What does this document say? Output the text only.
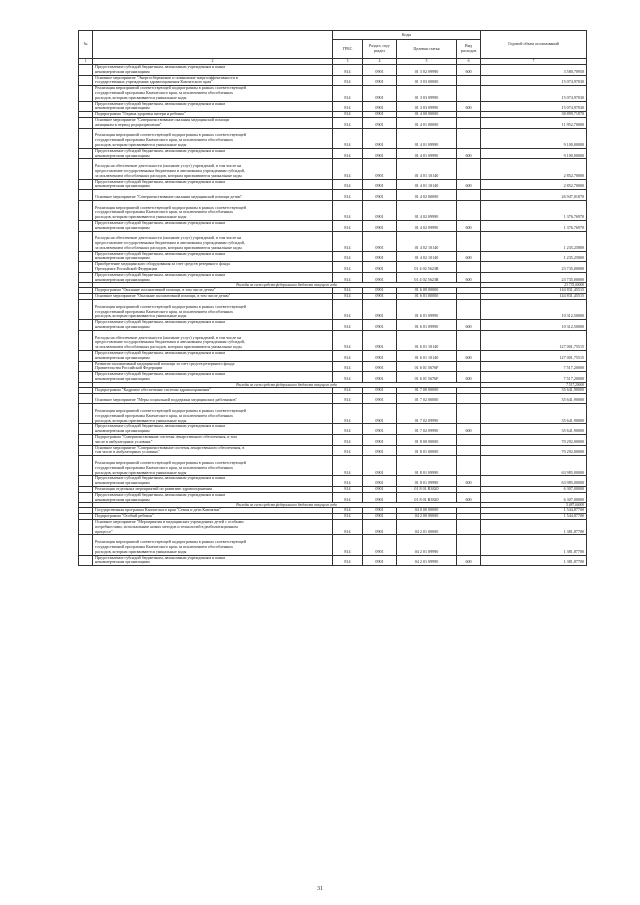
№		Коды				Годовой объем ассигнований
		ГРБС	Раздел, под-раздел	Целевая статья	Вид расходов	
1	2	3	4	5	6	7

	Предоставление субсидий бюджетным, автономным учреждениям и иным
некоммерческим организациям	814	0901	01 3 02 09990	600	3 580,70950

	Основное мероприятие "Энергосбережение и повышение энергоэффективности в
государственных учреждениях здравоохранения Камчатского края"	814	0901	01 3 03 00000		15 074,97030

	Реализация мероприятий соответствующей подпрограммы в рамках соответствующей
государственной программы Камчатского края, за исключением обособленных
расходов, которым присваиваются уникальные коды	814	0901	01 3 03 09990		15 074,97030

	Предоставление субсидий бюджетным, автономным учреждениям и иным
некоммерческим организациям	814	0901	01 3 03 09990	600	15 074,97030

	Подпрограмма "Охрана здоровья матери и ребенка"	814	0901	01 4 00 00000		38 899,71870

	Основное мероприятие "Совершенствование оказания медицинской помощи
женщинам в период родоразрешения"	814	0901	01 4 01 00000		11 952,70000

	Реализация мероприятий соответствующей подпрограммы в рамках соответствующей
государственной программы Камчатского края, за исключением обособленных
расходов, которым присваиваются уникальные коды	814	0901	01 4 01 09990		9 100,00000

	Предоставление субсидий бюджетным, автономным учреждениям и иным
некоммерческим организациям	814	0901	01 4 01 09990	600	9 100,00000

	Расходы на обеспечение деятельности (оказание услуг) учреждений, в том числе на
предоставление государственным бюджетным и автономным учреждениям субсидий,
за исключением обособленных расходов, которым присваиваются уникальные коды	814	0901	01 4 01 10140		2 852,70000

	Предоставление субсидий бюджетным, автономным учреждениям и иным
некоммерческим организациям	814	0901	01 4 01 10140	600	2 852,70000

	Основное мероприятие "Совершенствование оказания медицинской помощи детям"	814	0901	01 4 02 00000		26 947,01870

	Реализация мероприятий соответствующей подпрограммы в рамках соответствующей
государственной программы Камчатского края, за исключением обособленных
расходов, которым присваиваются уникальные коды	814	0901	01 4 02 09990		1 376,76970

	Предоставление субсидий бюджетным, автономным учреждениям и иным
некоммерческим организациям	814	0901	01 4 02 09990	600	1 376,76970

	Расходы на обеспечение деятельности (оказание услуг) учреждений, в том числе на
предоставление государственным бюджетным и автономным учреждениям субсидий,
за исключением обособленных расходов, которым присваиваются уникальные коды	814	0901	01 4 02 10140		1 235,25800

	Предоставление субсидий бюджетным, автономным учреждениям и иным
некоммерческим организациям	814	0901	01 4 02 10140	600	1 235,25800

	Приобретение медицинского оборудования за счет средств резервного фонда
Президента Российской Федерации	814	0901	01 4 02 5623R		23 735,00000

	Предоставление субсидий бюджетным, автономным учреждениям и иным
некоммерческим организациям	814	0901	01 4 02 5623R	600	23 735,00000
	Расходы за счет средств федерального бюджета текущего года					23 735,00000

	Подпрограмма "Оказание паллиативной помощи, в том числе детям"	814	0901	01 6 00 00000		144 831,45515

	Основное мероприятие "Оказание паллиативной помощи, в том числе детям"	814	0901	01 6 01 00000		144 831,45515

	Реализация мероприятий соответствующей подпрограммы в рамках соответствующей
государственной программы Камчатского края, за исключением обособленных
расходов, которым присваиваются уникальные коды	814	0901	01 6 01 09990		10 312,50000

	Предоставление субсидий бюджетным, автономным учреждениям и иным
некоммерческим организациям	814	0901	01 6 01 09990	600	10 312,50000

	Расходы на обеспечение деятельности (оказание услуг) учреждений, в том числе на
предоставление государственным бюджетным и автономным учреждениям субсидий,
за исключением обособленных расходов, которым присваиваются уникальные коды	814	0901	01 6 01 10140		127 001,75515

	Предоставление субсидий бюджетным, автономным учреждениям и иным
некоммерческим организациям	814	0901	01 6 01 10140	600	127 001,75515

	Развитие паллиативной медицинской помощи за счет средств резервного фонда
Правительства Российской Федерации	814	0901	01 6 01 5676F		7 517,20000

	Предоставление субсидий бюджетным, автономным учреждениям и иным
некоммерческим организациям	814	0901	01 6 01 5676F	600	7 517,20000
	Расходы за счет средств федерального бюджета текущего года					7 517,20000

	Подпрограмма "Кадровое обеспечение системы здравоохранения"	814	0901	01 7 00 00000		35 641,90000

	Основное мероприятие "Меры социальной поддержки медицинских работников"	814	0901	01 7 02 00000		35 641,90000

	Реализация мероприятий соответствующей подпрограммы в рамках соответствующей
государственной программы Камчатского края, за исключением обособленных
расходов, которым присваиваются уникальные коды	814	0901	01 7 02 09990		35 641,90000

	Предоставление субсидий бюджетным, автономным учреждениям и иным
некоммерческим организациям	814	0901	01 7 02 09990	600	35 641,90000

	Подпрограмма "Совершенствование системы лекарственного обеспечения, в том
числе в амбулаторных условиях"	814	0901	01 8 00 00000		70 292,00000

	Основное мероприятие "Совершенствование системы лекарственного обеспечения, в
том числе в амбулаторных условиях"	814	0901	01 8 01 00000		70 292,00000

	Реализация мероприятий соответствующей подпрограммы в рамках соответствующей
государственной программы Камчатского края, за исключением обособленных
расходов, которым присваиваются уникальные коды	814	0901	01 8 01 09990		63 985,00000

	Предоставление субсидий бюджетным, автономным учреждениям и иным
некоммерческим организациям	814	0901	01 8 01 09990	600	63 985,00000

	Реализация отдельных мероприятий по развитию здравоохранения	814	0901	01 8 01 R3820		6 307,00000

	Предоставление субсидий бюджетным, автономным учреждениям и иным
некоммерческим организациям	814	0901	01 8 01 R3820	600	6 307,00000
	Расходы за счет средств федерального бюджета текущего года					5 487,60000

	Государственная программа Камчатского края "Семья и дети Камчатки"	814	0901	04 0 00 00000		1 544,87700

	Подпрограмма "Особый ребенок"	814	0901	04 2 00 00000		1 544,87700

	Основное мероприятие "Мероприятия в медицинских учреждениях детей с особыми
потребностями, использование новых методов и технологий в реабилитационном
процессе"	814	0901	04 2 01 00000		1 381,87700

	Реализация мероприятий соответствующей подпрограммы в рамках соответствующей
государственной программы Камчатского края, за исключением обособленных
расходов, которым присваиваются уникальные коды	814	0901	04 2 01 09990		1 381,87700

	Предоставление субсидий бюджетным, автономным учреждениям и иным
некоммерческим организациям	814	0901	04 2 01 09990	600	1 381,87700
31
